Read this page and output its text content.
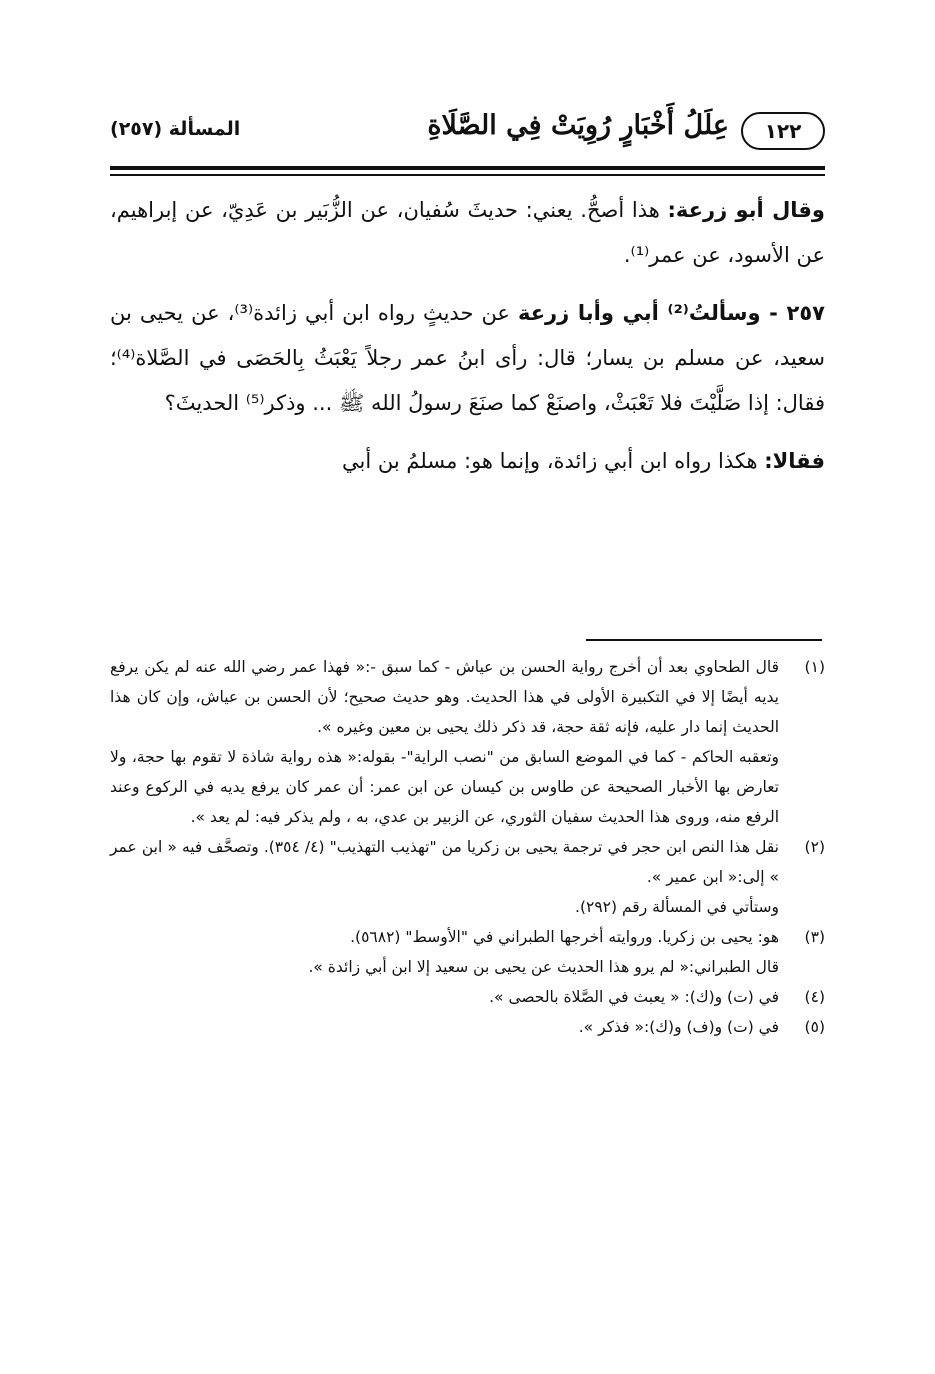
١٢٢
عِلَلُ أَخْبَارٍ رُوِيَتْ فِي الصَّلَاةِ
المسألة (٢٥٧)

وقال أبو زرعة: هذا أصحُّ. يعني: حديثَ سُفيان، عن الزُّبَير بن عَدِيّ، عن إبراهيم، عن الأسود، عن عمر⁽¹⁾.

٢٥٧ - وسألتُ⁽²⁾ أبي وأبا زرعة عن حديثٍ رواه ابن أبي زائدة⁽³⁾، عن يحيى بن سعيد، عن مسلم بن يسار؛ قال: رأى ابنُ عمر رجلاً يَعْبَثُ بِالحَصَى في الصَّلاة⁽⁴⁾؛ فقال: إذا صَلَّيْتَ فلا تَعْبَثْ، واصنَعْ كما صنَعَ رسولُ الله ﷺ ... وذكر⁽⁵⁾ الحديثَ؟

فقالا: هكذا رواه ابن أبي زائدة، وإنما هو: مسلمُ بن أبي

(١)
قال الطحاوي بعد أن أخرج رواية الحسن بن عياش - كما سبق -:« فهذا عمر رضي الله عنه لم يكن يرفع يديه أيضًا إلا في التكبيرة الأولى في هذا الحديث. وهو حديث صحيح؛ لأن الحسن بن عياش، وإن كان هذا الحديث إنما دار عليه، فإنه ثقة حجة، قد ذكر ذلك يحيى بن معين وغيره ».
وتعقبه الحاكم - كما في الموضع السابق من "نصب الراية"- بقوله:« هذه رواية شاذة لا تقوم بها حجة، ولا تعارض بها الأخبار الصحيحة عن طاوس بن كيسان عن ابن عمر: أن عمر كان يرفع يديه في الركوع وعند الرفع منه، وروى هذا الحديث سفيان الثوري، عن الزبير بن عدي، به ، ولم يذكر فيه: لم يعد ».
(٢)
نقل هذا النص ابن حجر في ترجمة يحيى بن زكريا من "تهذيب التهذيب" (٤/ ٣٥٤). وتصحَّف فيه « ابن عمر » إلى:« ابن عمير ».
وستأتي في المسألة رقم (٢٩٢).
(٣)
هو: يحيى بن زكريا. وروايته أخرجها الطبراني في "الأوسط" (٥٦٨٢).
قال الطبراني:« لم يرو هذا الحديث عن يحيى بن سعيد إلا ابن أبي زائدة ».
(٤)
في (ت) و(ك): « يعبث في الصَّلاة بالحصى ».
(٥)
في (ت) و(ف) و(ك):« فذكر ».
